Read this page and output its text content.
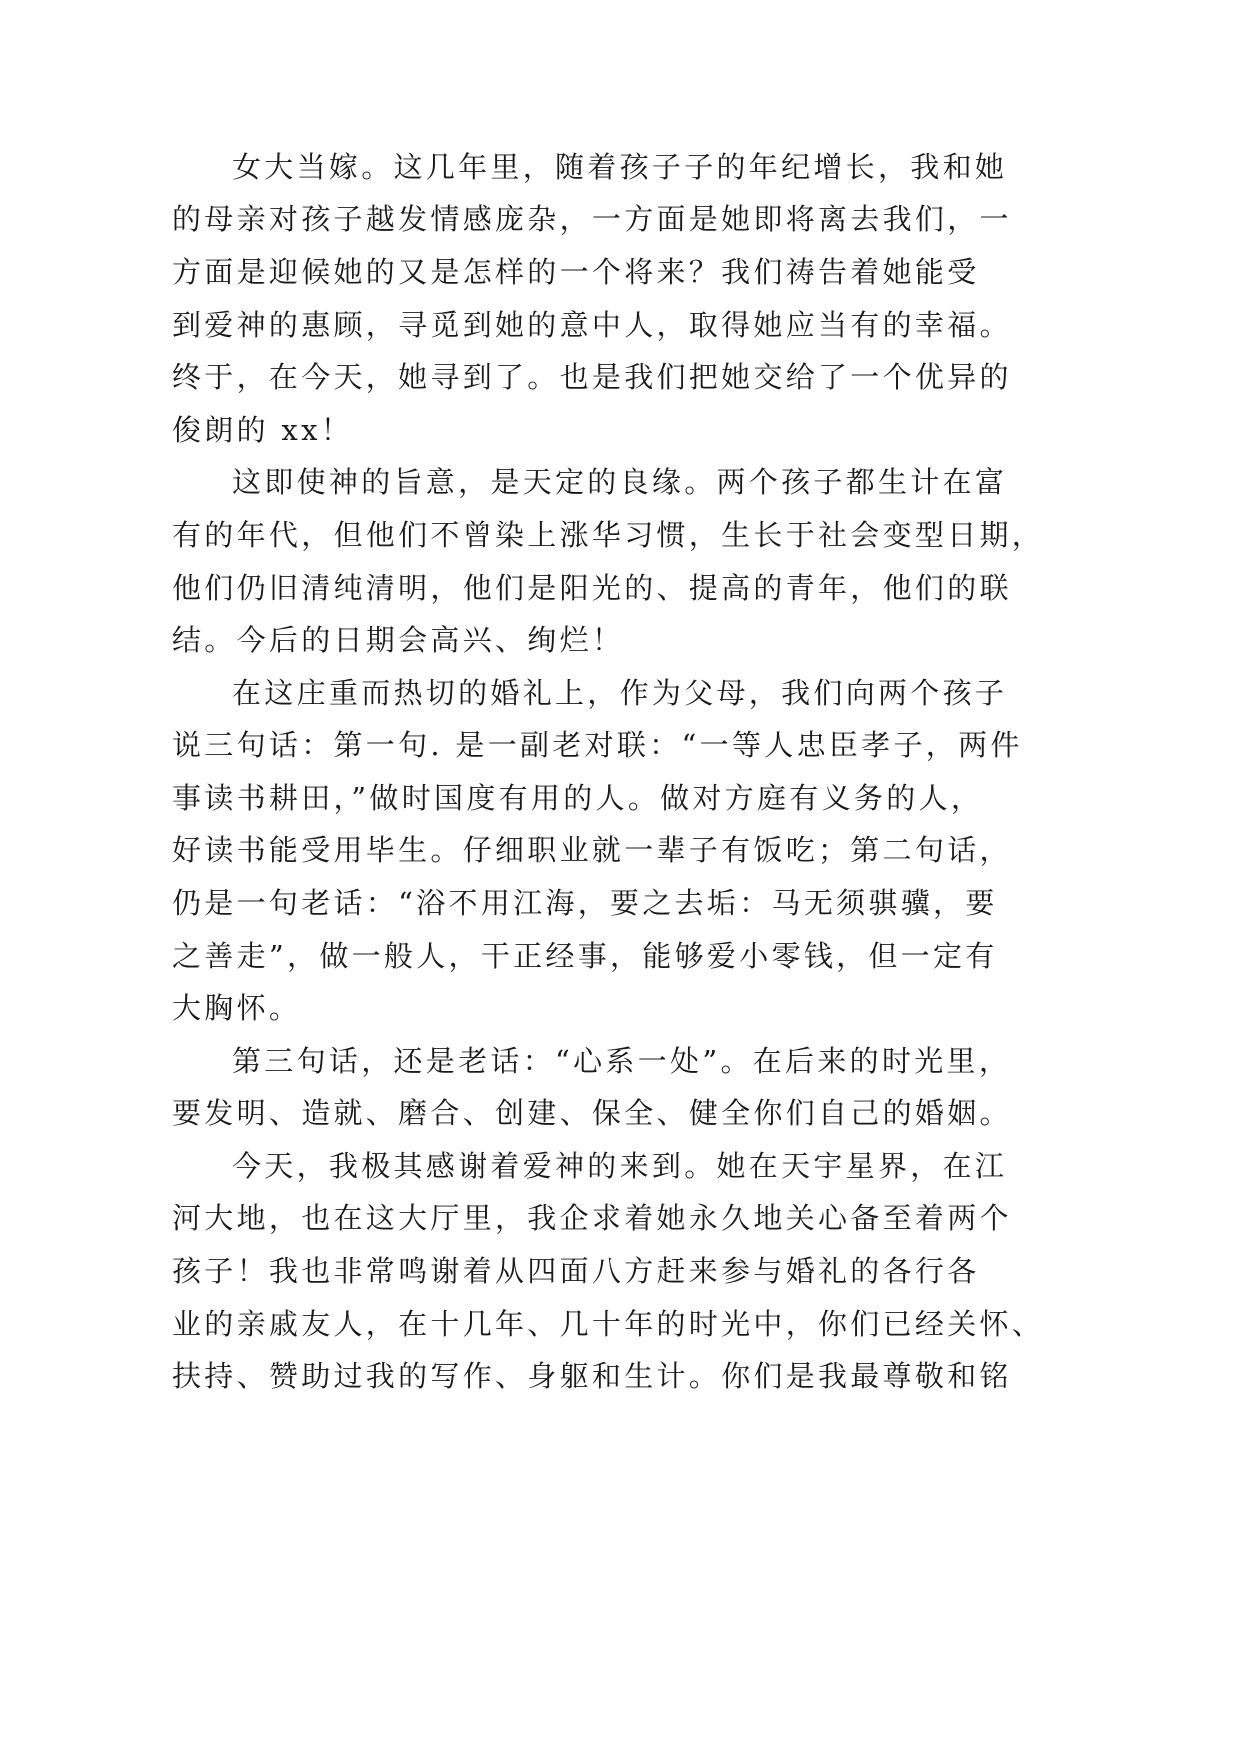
女大当嫁。这几年里，随着孩子子的年纪增长，我和她
的母亲对孩子越发情感庞杂，一方面是她即将离去我们，一
方面是迎候她的又是怎样的一个将来？我们祷告着她能受
到爱神的惠顾，寻觅到她的意中人，取得她应当有的幸福。
终于，在今天，她寻到了。也是我们把她交给了一个优异的
俊朗的 xx！
这即使神的旨意，是天定的良缘。两个孩子都生计在富
有的年代，但他们不曾染上涨华习惯，生长于社会变型日期，
他们仍旧清纯清明，他们是阳光的、提高的青年，他们的联
结。今后的日期会高兴、绚烂！
在这庄重而热切的婚礼上，作为父母，我们向两个孩子
说三句话：第一句. 是一副老对联：“一等人忠臣孝子，两件
事读书耕田，”做时国度有用的人。做对方庭有义务的人，
好读书能受用毕生。仔细职业就一辈子有饭吃；第二句话，
仍是一句老话：“浴不用江海，要之去垢：马无须骐骥，要
之善走”，做一般人，干正经事，能够爱小零钱，但一定有
大胸怀。
第三句话，还是老话：“心系一处”。在后来的时光里，
要发明、造就、磨合、创建、保全、健全你们自己的婚姻。
今天，我极其感谢着爱神的来到。她在天宇星界，在江
河大地，也在这大厅里，我企求着她永久地关心备至着两个
孩子！我也非常鸣谢着从四面八方赶来参与婚礼的各行各
业的亲戚友人，在十几年、几十年的时光中，你们已经关怀、
扶持、赞助过我的写作、身躯和生计。你们是我最尊敬和铭
